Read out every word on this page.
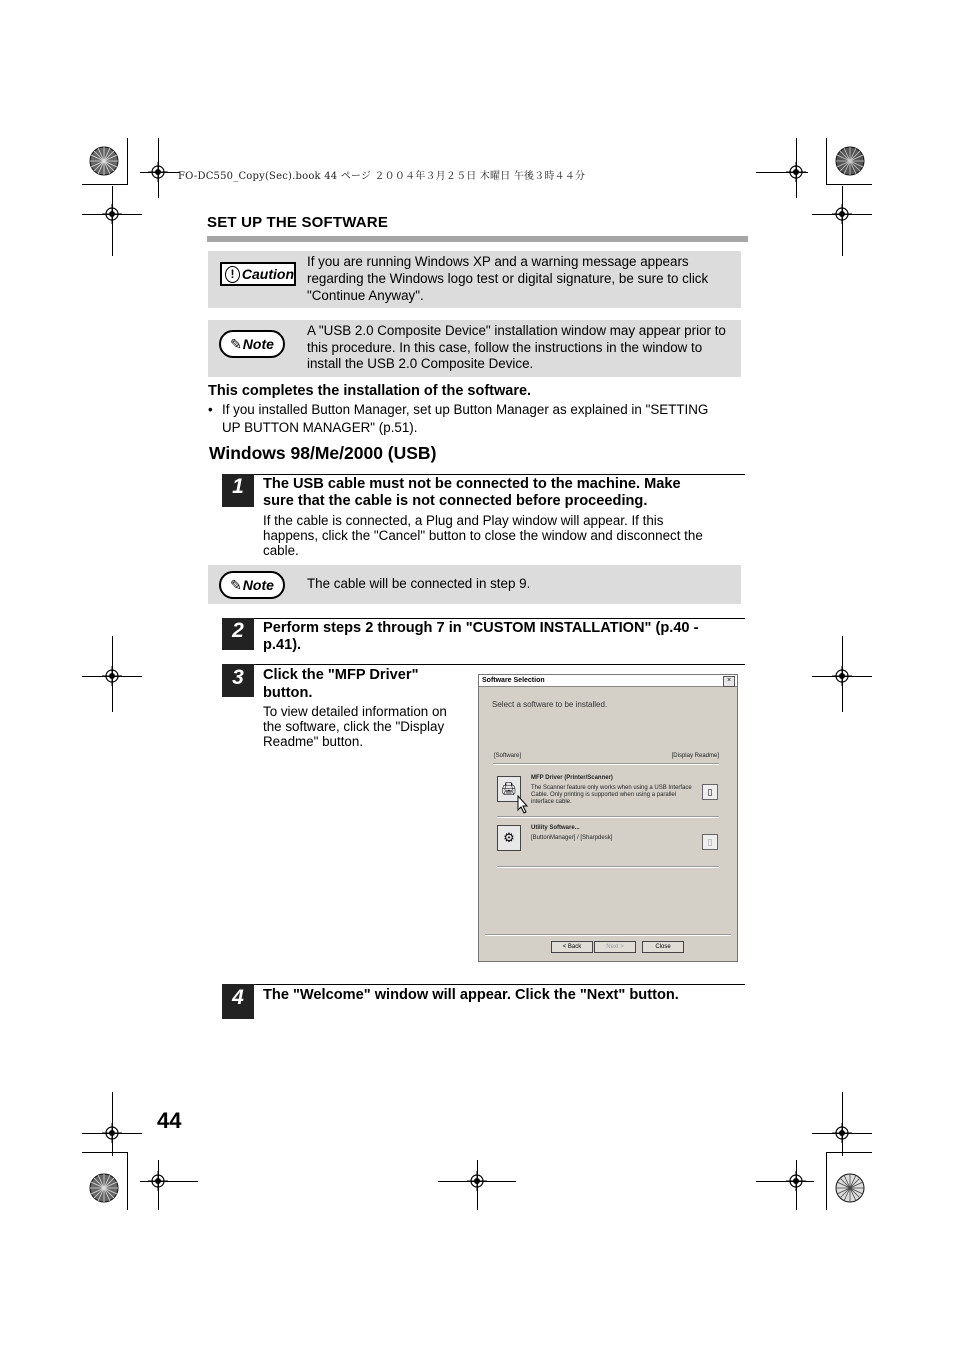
FO-DC550_Copy(Sec).book 44 ページ ２００４年３月２５日 木曜日 午後３時４４分
SET UP THE SOFTWARE
! Caution
If you are running Windows XP and a warning message appears
regarding the Windows logo test or digital signature, be sure to click
"Continue Anyway".
✎ Note
A "USB 2.0 Composite Device" installation window may appear prior to
this procedure. In this case, follow the instructions in the window to
install the USB 2.0 Composite Device.
This completes the installation of the software.
• If you installed Button Manager, set up Button Manager as explained in "SETTING
UP BUTTON MANAGER" (p.51).
Windows 98/Me/2000 (USB)
1	The USB cable must not be connected to the machine. Make
sure that the cable is not connected before proceeding.
If the cable is connected, a Plug and Play window will appear. If this
happens, click the "Cancel" button to close the window and disconnect the
cable.
✎ Note The cable will be connected in step 9.
2	Perform steps 2 through 7 in "CUSTOM INSTALLATION" (p.40 -
p.41).
3	Click the "MFP Driver"
button.
To view detailed information on
the software, click the "Display
Readme" button.
Software Selection	×
Select a software to be installed.
[Software]	[Display Readme]
🖨
MFP Driver (Printer/Scanner)
The Scanner feature only works when using a USB Interface
Cable. Only printing is supported when using a parallel
interface cable.
▯
⚙
Utility Software...
[ButtonManager] / [Sharpdesk]	▯
< Back	Next >	Close
4	The "Welcome" window will appear. Click the "Next" button.
44
